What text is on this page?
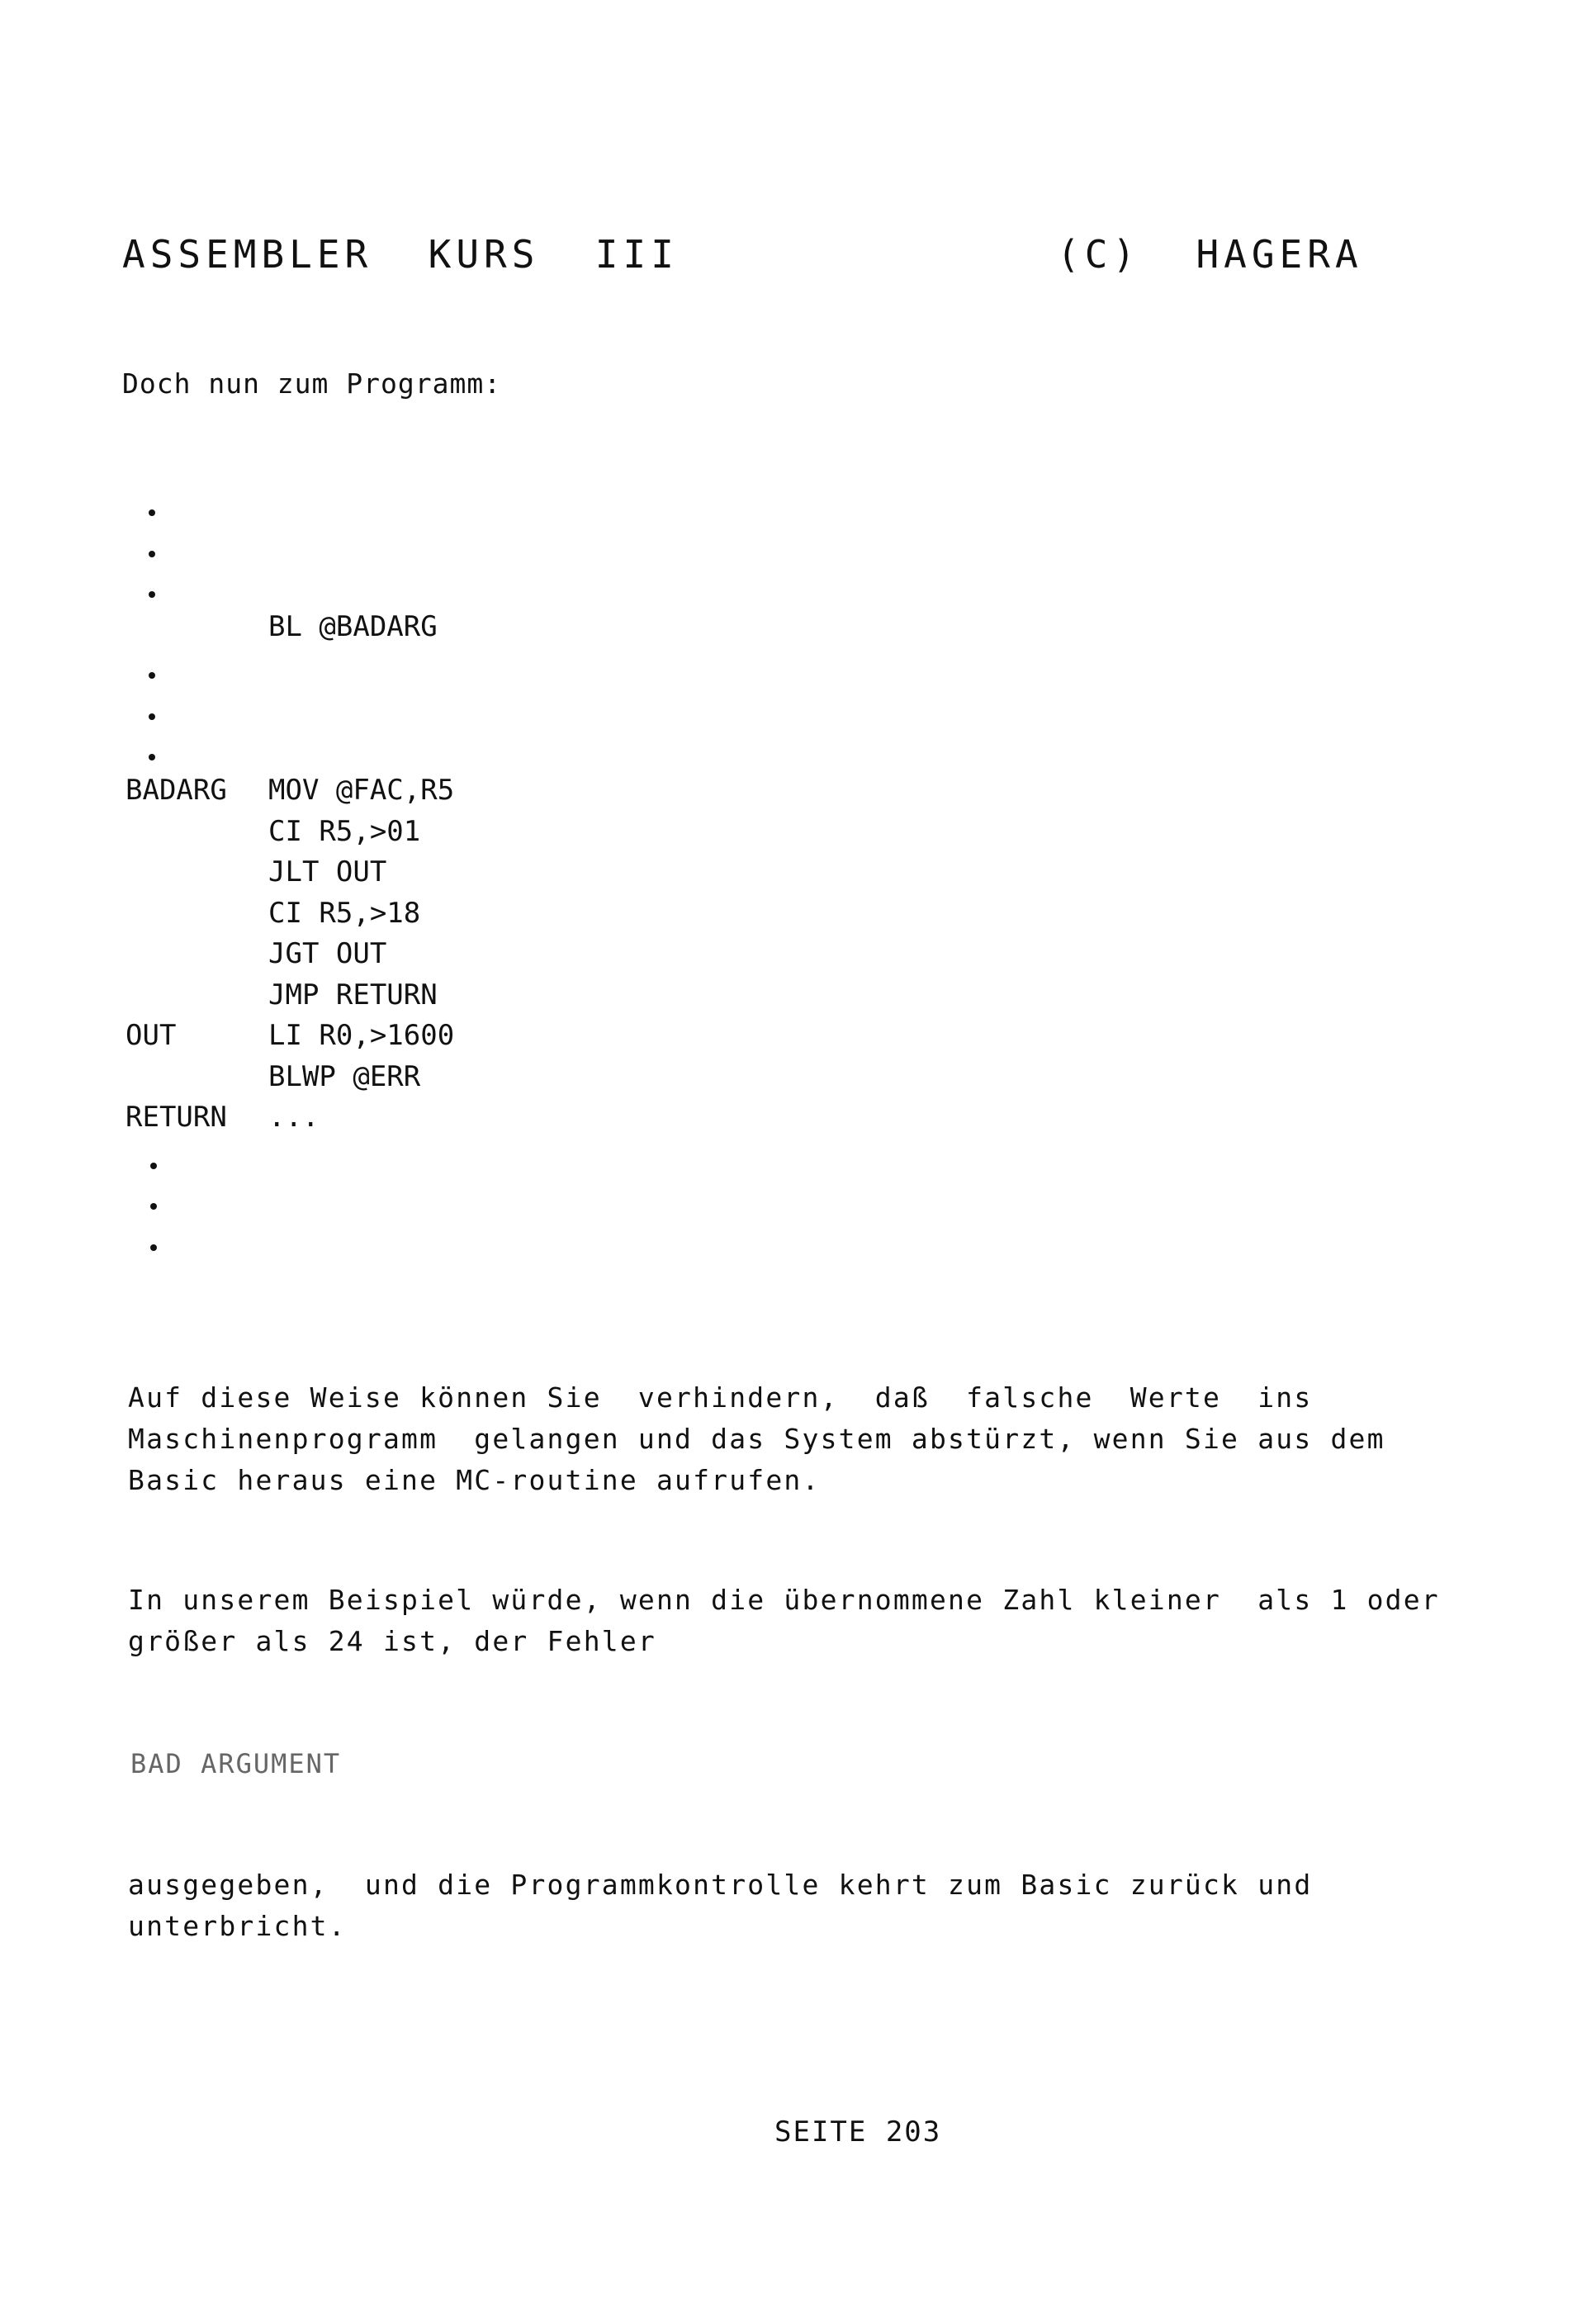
ASSEMBLER  KURS  III	(C)  HAGERA
Doch nun zum Programm:
BL @BADARG
BADARG MOV @FAC,R5
CI R5,>01
JLT OUT
CI R5,>18
JGT OUT
JMP RETURN
OUT	LI R0,>1600
BLWP @ERR
RETURN ...
Auf diese Weise können Sie  verhindern,  daß  falsche  Werte  ins Maschinenprogramm  gelangen und das System abstürzt, wenn Sie aus dem Basic heraus eine MC-routine aufrufen.
In unserem Beispiel würde, wenn die übernommene Zahl kleiner  als 1 oder größer als 24 ist, der Fehler
BAD ARGUMENT
ausgegeben,  und die Programmkontrolle kehrt zum Basic zurück und unterbricht.
SEITE 203
